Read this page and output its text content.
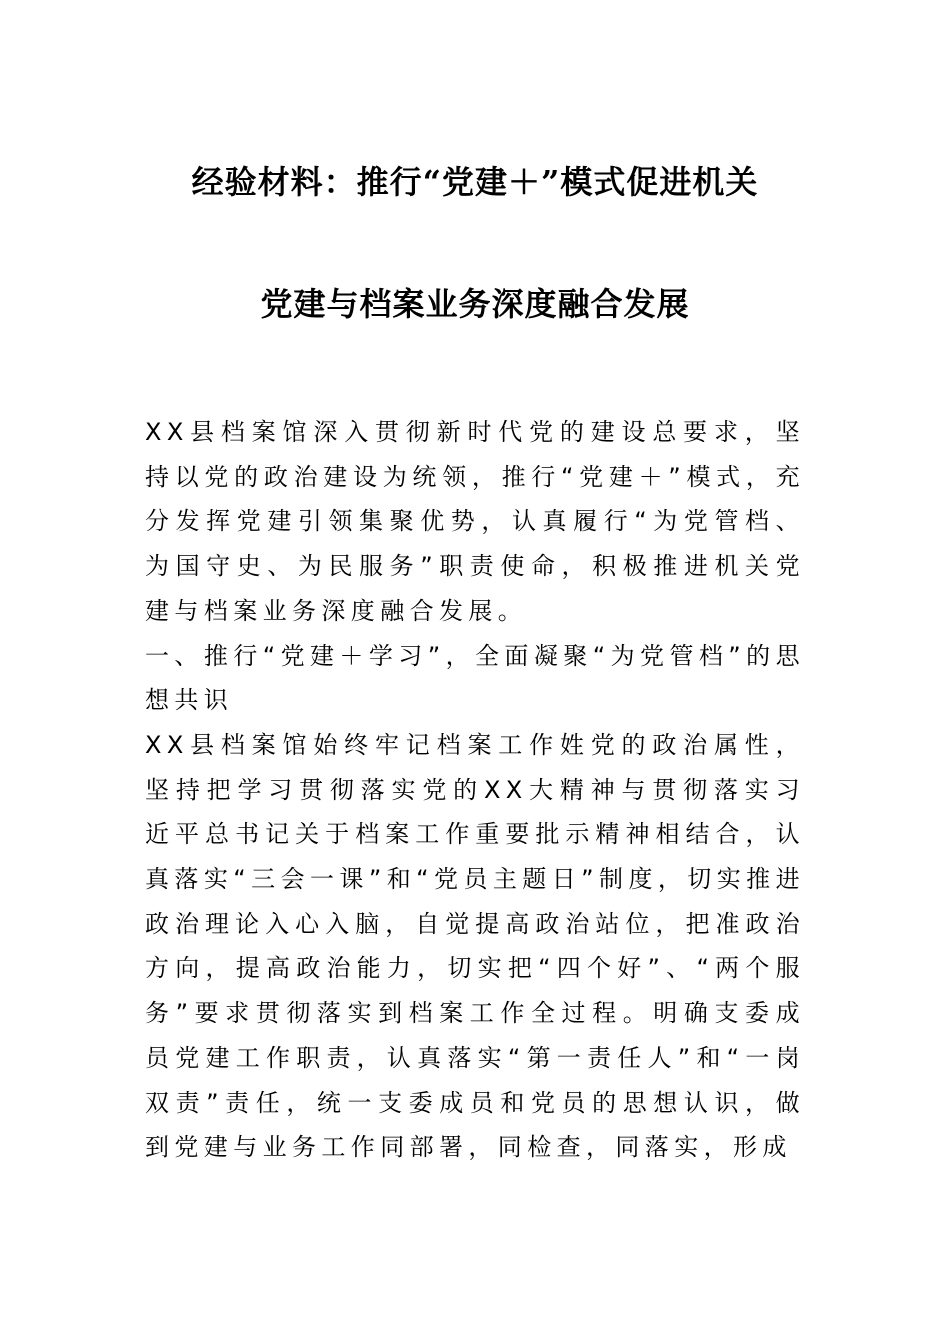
经验材料：推行“党建＋”模式促进机关
党建与档案业务深度融合发展

XX县档案馆深入贯彻新时代党的建设总要求，坚持以党的政治建设为统领，推行“党建＋”模式，充分发挥党建引领集聚优势，认真履行“为党管档、为国守史、为民服务”职责使命，积极推进机关党建与档案业务深度融合发展。

一、推行“党建＋学习”，全面凝聚“为党管档”的思想共识

XX县档案馆始终牢记档案工作姓党的政治属性，坚持把学习贯彻落实党的XX大精神与贯彻落实习近平总书记关于档案工作重要批示精神相结合，认真落实“三会一课”和“党员主题日”制度，切实推进政治理论入心入脑，自觉提高政治站位，把准政治方向，提高政治能力，切实把“四个好”、“两个服务”要求贯彻落实到档案工作全过程。明确支委成员党建工作职责，认真落实“第一责任人”和“一岗双责”责任，统一支委成员和党员的思想认识，做到党建与业务工作同部署，同检查，同落实，形成
